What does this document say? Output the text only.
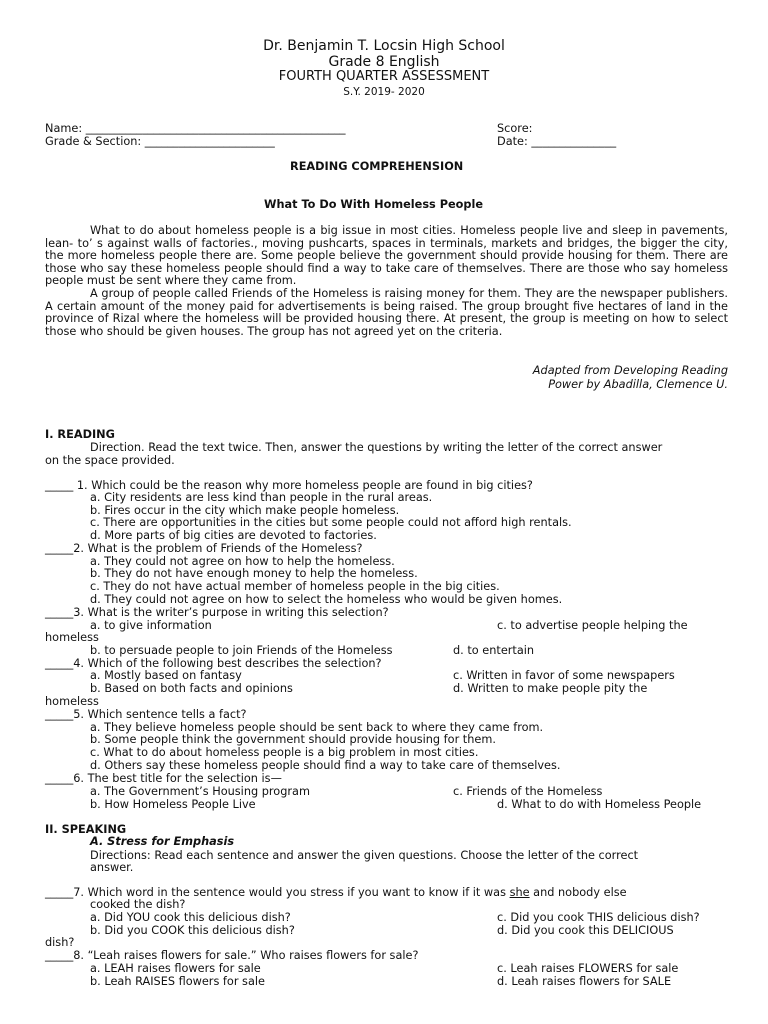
Dr. Benjamin T. Locsin High School
Grade 8 English
FOURTH QUARTER ASSESSMENT
S.Y. 2019- 2020
Name: ______________________________________________	Score:
Grade & Section: _______________________	Date: _______________
READING COMPREHENSION
What To Do With Homeless People

What to do about homeless people is a big issue in most cities. Homeless people live and sleep in pavements, lean- to’ s against walls of factories., moving pushcarts, spaces in terminals, markets and bridges, the bigger the city, the more homeless people there are. Some people believe the government should provide housing for them. There are those who say these homeless people should find a way to take care of themselves. There are those who say homeless people must be sent where they came from.

A group of people called Friends of the Homeless is raising money for them. They are the newspaper publishers. A certain amount of the money paid for advertisements is being raised. The group brought five hectares of land in the province of Rizal where the homeless will be provided housing there. At present, the group is meeting on how to select those who should be given houses. The group has not agreed yet on the criteria.

Adapted from Developing Reading
Power by Abadilla, Clemence U.
I. READING
Direction. Read the text twice. Then, answer the questions by writing the letter of the correct answer
on the space provided.
_____ 1. Which could be the reason why more homeless people are found in big cities?
a. City residents are less kind than people in the rural areas.
b. Fires occur in the city which make people homeless.
c. There are opportunities in the cities but some people could not afford high rentals.
d. More parts of big cities are devoted to factories.
_____2. What is the problem of Friends of the Homeless?
a. They could not agree on how to help the homeless.
b. They do not have enough money to help the homeless.
c. They do not have actual member of homeless people in the big cities.
d. They could not agree on how to select the homeless who would be given homes.
_____3. What is the writer’s purpose in writing this selection?
a. to give information	c. to advertise people helping the
homeless
b. to persuade people to join Friends of the Homeless	d. to entertain
_____4. Which of the following best describes the selection?
a. Mostly based on fantasy	c. Written in favor of some newspapers
b. Based on both facts and opinions	d. Written to make people pity the
homeless
_____5. Which sentence tells a fact?
a. They believe homeless people should be sent back to where they came from.
b. Some people think the government should provide housing for them.
c. What to do about homeless people is a big problem in most cities.
d. Others say these homeless people should find a way to take care of themselves.
_____6. The best title for the selection is—
a. The Government’s Housing program	c. Friends of the Homeless
b. How Homeless People Live	d. What to do with Homeless People
II. SPEAKING
A. Stress for Emphasis
Directions: Read each sentence and answer the given questions. Choose the letter of the correct
answer.
_____7. Which word in the sentence would you stress if you want to know if it was she and nobody else
cooked the dish?
a. Did YOU cook this delicious dish?	c. Did you cook THIS delicious dish?
b. Did you COOK this delicious dish?	d. Did you cook this DELICIOUS
dish?
_____8. “Leah raises flowers for sale.” Who raises flowers for sale?
a. LEAH raises flowers for sale	c. Leah raises FLOWERS for sale
b. Leah RAISES flowers for sale	d. Leah raises flowers for SALE
